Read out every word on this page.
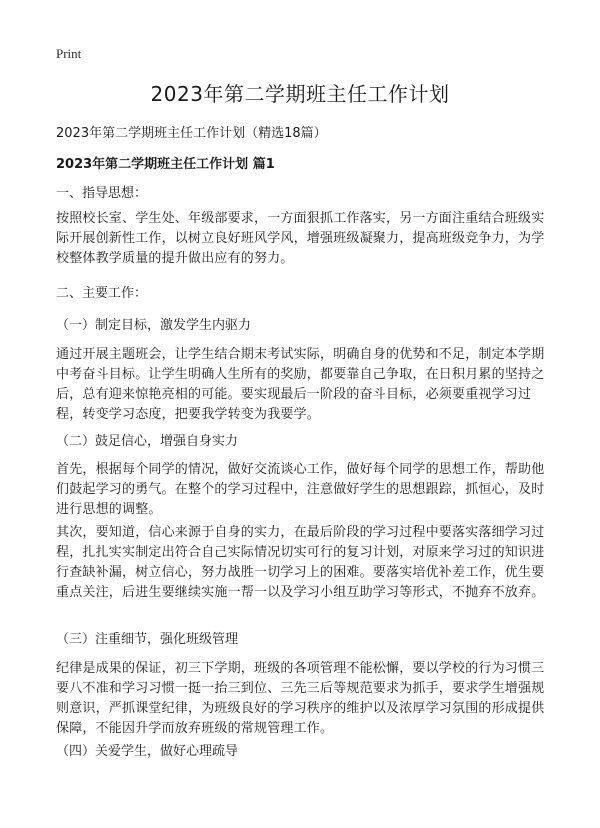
Print
2023年第二学期班主任工作计划

2023年第二学期班主任工作计划（精选18篇）

2023年第二学期班主任工作计划 篇1

一、指导思想：

按照校长室、学生处、年级部要求，一方面狠抓工作落实，另一方面注重结合班级实际开展创新性工作，以树立良好班风学风，增强班级凝聚力，提高班级竞争力，为学校整体教学质量的提升做出应有的努力。

二、主要工作：

（一）制定目标，激发学生内驱力

通过开展主题班会，让学生结合期末考试实际，明确自身的优势和不足，制定本学期中考奋斗目标。让学生明确人生所有的奖励，都要靠自己争取，在日积月累的坚持之后，总有迎来惊艳亮相的可能。要实现最后一阶段的奋斗目标，必须要重视学习过程，转变学习态度，把要我学转变为我要学。

（二）鼓足信心，增强自身实力

首先，根据每个同学的情况，做好交流谈心工作，做好每个同学的思想工作，帮助他们鼓起学习的勇气。在整个的学习过程中，注意做好学生的思想跟踪，抓恒心，及时进行思想的调整。

其次，要知道，信心来源于自身的实力，在最后阶段的学习过程中要落实落细学习过程，扎扎实实制定出符合自己实际情况切实可行的复习计划，对原来学习过的知识进行查缺补漏，树立信心，努力战胜一切学习上的困难。要落实培优补差工作，优生要重点关注，后进生要继续实施一帮一以及学习小组互助学习等形式，不抛弃不放弃。

（三）注重细节，强化班级管理

纪律是成果的保证，初三下学期，班级的各项管理不能松懈，要以学校的行为习惯三要八不准和学习习惯一挺一抬三到位、三先三后等规范要求为抓手，要求学生增强规则意识，严抓课堂纪律，为班级良好的学习秩序的维护以及浓厚学习氛围的形成提供保障，不能因升学而放弃班级的常规管理工作。

（四）关爱学生，做好心理疏导
